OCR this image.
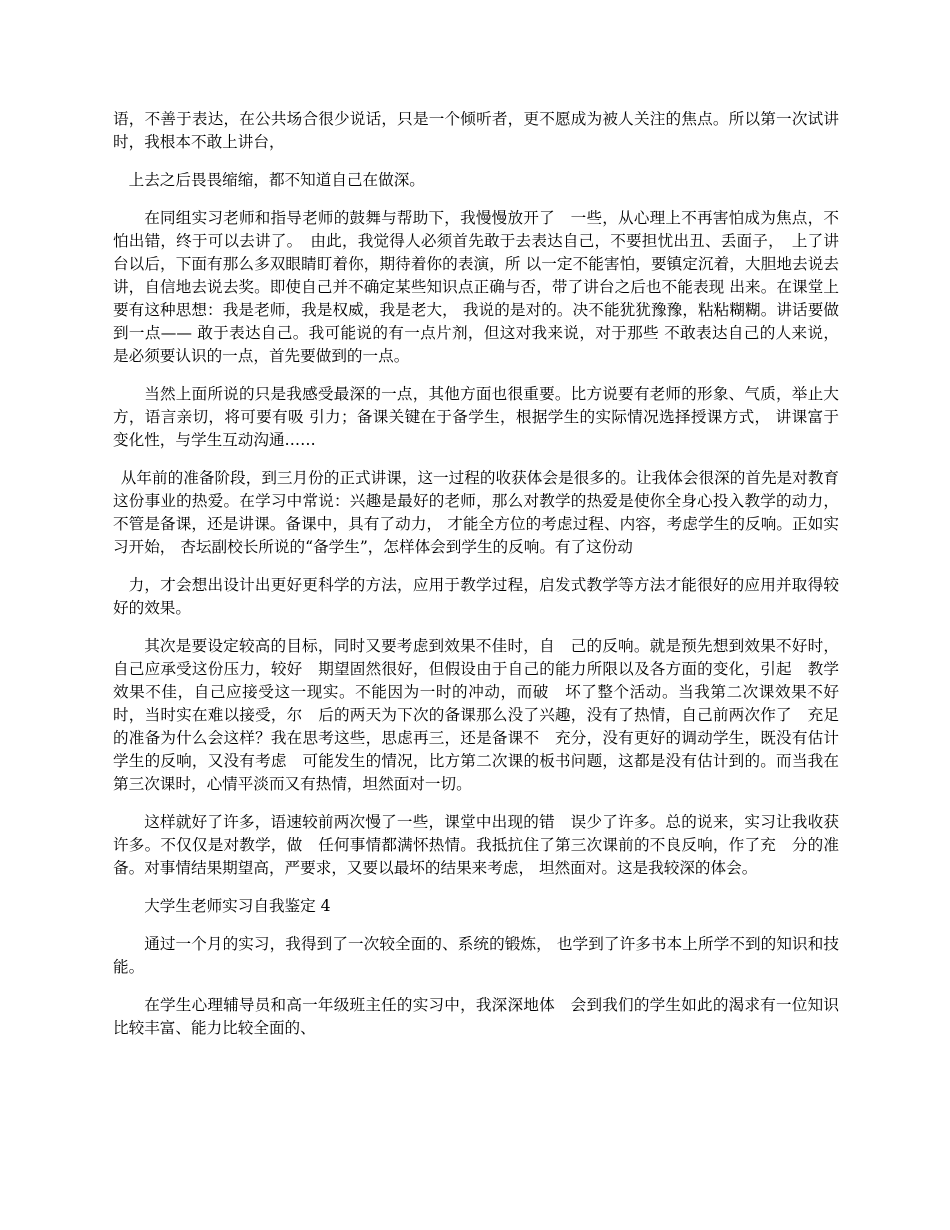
语，不善于表达，在公共场合很少说话，只是一个倾听者，更不愿成为被人关注的焦点。所以第一次试讲时，我根本不敢上讲台，

上去之后畏畏缩缩，都不知道自己在做深。

在同组实习老师和指导老师的鼓舞与帮助下，我慢慢放开了　一些，从心理上不再害怕成为焦点，不怕出错，终于可以去讲了。　由此，我觉得人必须首先敢于去表达自己，不要担忧出丑、丢面子，　上了讲台以后，下面有那么多双眼睛盯着你，期待着你的表演，所 以一定不能害怕，要镇定沉着，大胆地去说去讲，自信地去说去奖。即使自己并不确定某些知识点正确与否，带了讲台之后也不能表现 出来。在课堂上要有这种思想：我是老师，我是权威，我是老大， 我说的是对的。决不能犹犹豫豫，粘粘糊糊。讲话要做到一点—— 敢于表达自己。我可能说的有一点片剂，但这对我来说，对于那些 不敢表达自己的人来说，是必须要认识的一点，首先要做到的一点。

当然上面所说的只是我感受最深的一点，其他方面也很重要。比方说要有老师的形象、气质，举止大方，语言亲切，将可要有吸 引力；备课关键在于备学生，根据学生的实际情况选择授课方式， 讲课富于变化性，与学生互动沟通……

从年前的准备阶段，到三月份的正式讲课，这一过程的收获体会是很多的。让我体会很深的首先是对教育这份事业的热爱。在学习中常说：兴趣是最好的老师，那么对教学的热爱是使你全身心投入教学的动力，不管是备课，还是讲课。备课中，具有了动力， 才能全方位的考虑过程、内容，考虑学生的反响。正如实习开始， 杏坛副校长所说的“备学生”，怎样体会到学生的反响。有了这份动

力，才会想出设计出更好更科学的方法，应用于教学过程，启发式教学等方法才能很好的应用并取得较好的效果。

其次是要设定较高的目标，同时又要考虑到效果不佳时，自　己的反响。就是预先想到效果不好时，自己应承受这份压力，较好　期望固然很好，但假设由于自己的能力所限以及各方面的变化，引起　教学效果不佳，自己应接受这一现实。不能因为一时的冲动，而破　坏了整个活动。当我第二次课效果不好时，当时实在难以接受，尔　后的两天为下次的备课那么没了兴趣，没有了热情，自己前两次作了　充足的准备为什么会这样？我在思考这些，思虑再三，还是备课不　充分，没有更好的调动学生，既没有估计学生的反响，又没有考虑　可能发生的情况，比方第二次课的板书问题，这都是没有估计到的。而当我在第三次课时，心情平淡而又有热情，坦然面对一切。

这样就好了许多，语速较前两次慢了一些，课堂中出现的错　误少了许多。总的说来，实习让我收获许多。不仅仅是对教学，做　任何事情都满怀热情。我抵抗住了第三次课前的不良反响，作了充　分的准备。对事情结果期望高，严要求，又要以最坏的结果来考虑， 坦然面对。这是我较深的体会。

大学生老师实习自我鉴定 4

通过一个月的实习，我得到了一次较全面的、系统的锻炼， 也学到了许多书本上所学不到的知识和技能。

在学生心理辅导员和高一年级班主任的实习中，我深深地体　会到我们的学生如此的渴求有一位知识比较丰富、能力比较全面的、
